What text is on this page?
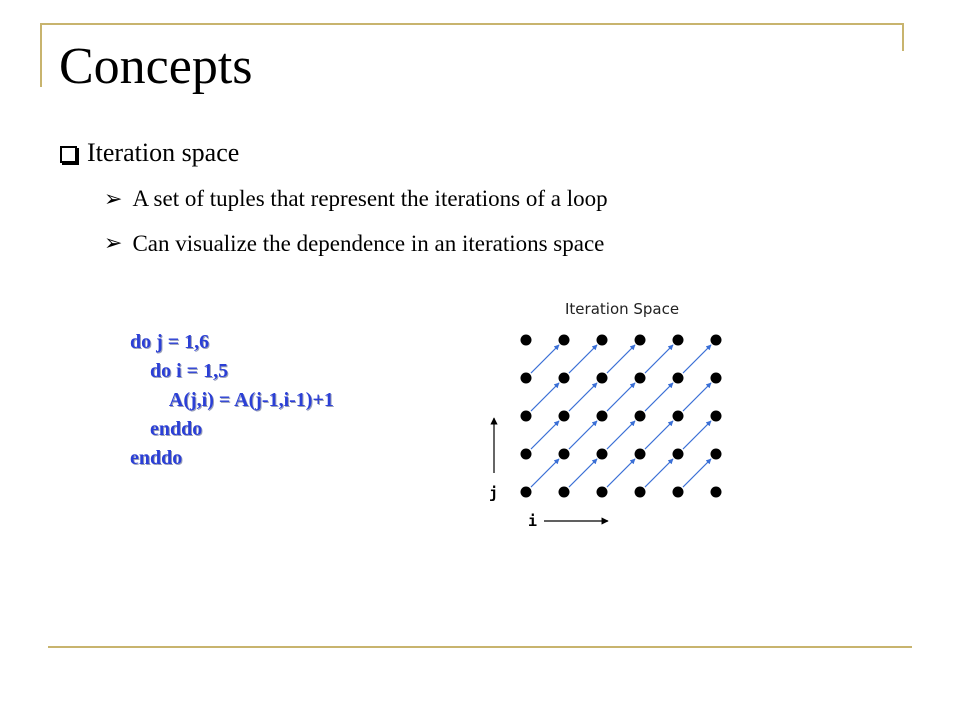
Concepts
Iteration space
➢ A set of tuples that represent the iterations of a loop
➢ Can visualize the dependence in an iterations space
do j = 1,6
do i = 1,5
A(j,i) = A(j-1,i-1)+1
enddo
enddo
Iteration Space
j
i
